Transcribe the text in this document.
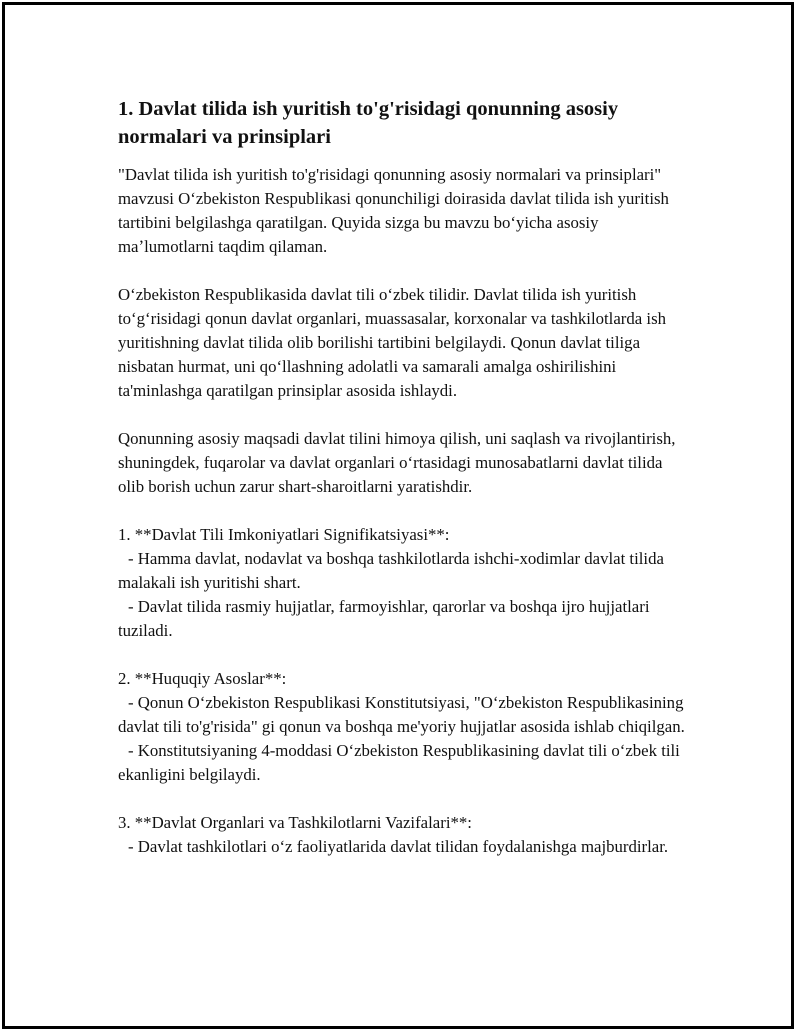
1. Davlat tilida ish yuritish to'g'risidagi qonunning asosiy normalari va prinsiplari

"Davlat tilida ish yuritish to'g'risidagi qonunning asosiy normalari va prinsiplari" mavzusi Oʻzbekiston Respublikasi qonunchiligi doirasida davlat tilida ish yuritish tartibini belgilashga qaratilgan. Quyida sizga bu mavzu boʻyicha asosiy maʼlumotlarni taqdim qilaman.

Oʻzbekiston Respublikasida davlat tili oʻzbek tilidir. Davlat tilida ish yuritish toʻgʻrisidagi qonun davlat organlari, muassasalar, korxonalar va tashkilotlarda ish yuritishning davlat tilida olib borilishi tartibini belgilaydi. Qonun davlat tiliga nisbatan hurmat, uni qoʻllashning adolatli va samarali amalga oshirilishini ta'minlashga qaratilgan prinsiplar asosida ishlaydi.

Qonunning asosiy maqsadi davlat tilini himoya qilish, uni saqlash va rivojlantirish, shuningdek, fuqarolar va davlat organlari oʻrtasidagi munosabatlarni davlat tilida olib borish uchun zarur shart-sharoitlarni yaratishdir.

1. **Davlat Tili Imkoniyatlari Signifikatsiyasi**:

- Hamma davlat, nodavlat va boshqa tashkilotlarda ishchi-xodimlar davlat tilida malakali ish yuritishi shart.

- Davlat tilida rasmiy hujjatlar, farmoyishlar, qarorlar va boshqa ijro hujjatlari tuziladi.

2. **Huquqiy Asoslar**:

- Qonun Oʻzbekiston Respublikasi Konstitutsiyasi, "Oʻzbekiston Respublikasining davlat tili to'g'risida" gi qonun va boshqa me'yoriy hujjatlar asosida ishlab chiqilgan.

- Konstitutsiyaning 4-moddasi Oʻzbekiston Respublikasining davlat tili oʻzbek tili ekanligini belgilaydi.

3. **Davlat Organlari va Tashkilotlarni Vazifalari**:

- Davlat tashkilotlari oʻz faoliyatlarida davlat tilidan foydalanishga majburdirlar.
